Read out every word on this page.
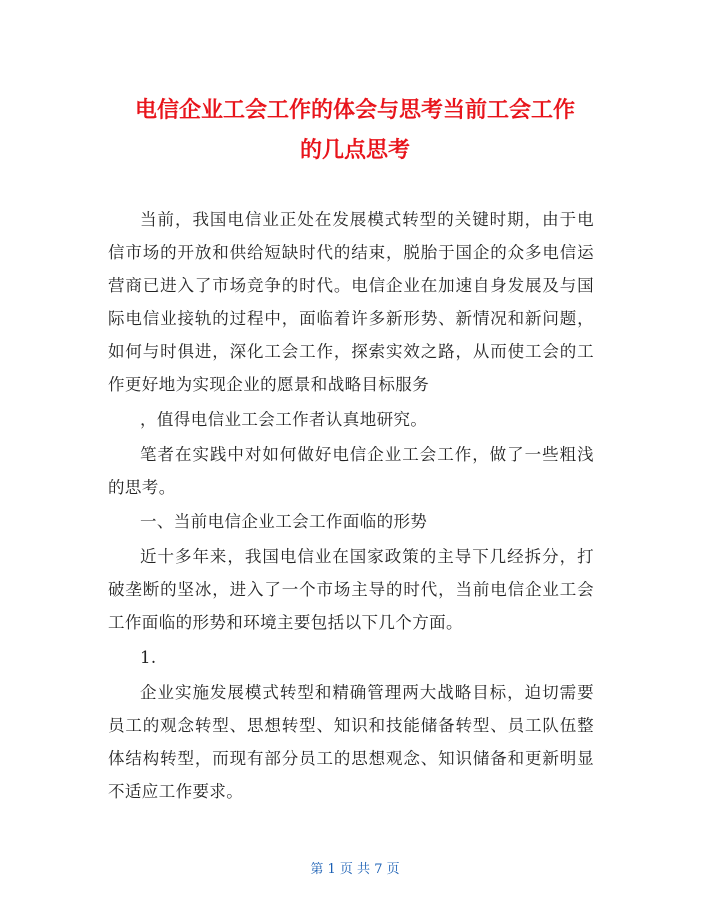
电信企业工会工作的体会与思考当前工会工作
的几点思考
当前，我国电信业正处在发展模式转型的关键时期，由于电
信市场的开放和供给短缺时代的结束，脱胎于国企的众多电信运
营商已进入了市场竞争的时代。电信企业在加速自身发展及与国
际电信业接轨的过程中，面临着许多新形势、新情况和新问题，
如何与时俱进，深化工会工作，探索实效之路，从而使工会的工
作更好地为实现企业的愿景和战略目标服务
，值得电信业工会工作者认真地研究。
笔者在实践中对如何做好电信企业工会工作，做了一些粗浅
的思考。
一、当前电信企业工会工作面临的形势
近十多年来，我国电信业在国家政策的主导下几经拆分，打
破垄断的坚冰，进入了一个市场主导的时代，当前电信企业工会
工作面临的形势和环境主要包括以下几个方面。
1.
企业实施发展模式转型和精确管理两大战略目标，迫切需要
员工的观念转型、思想转型、知识和技能储备转型、员工队伍整
体结构转型，而现有部分员工的思想观念、知识储备和更新明显
不适应工作要求。
第 1 页 共 7 页
